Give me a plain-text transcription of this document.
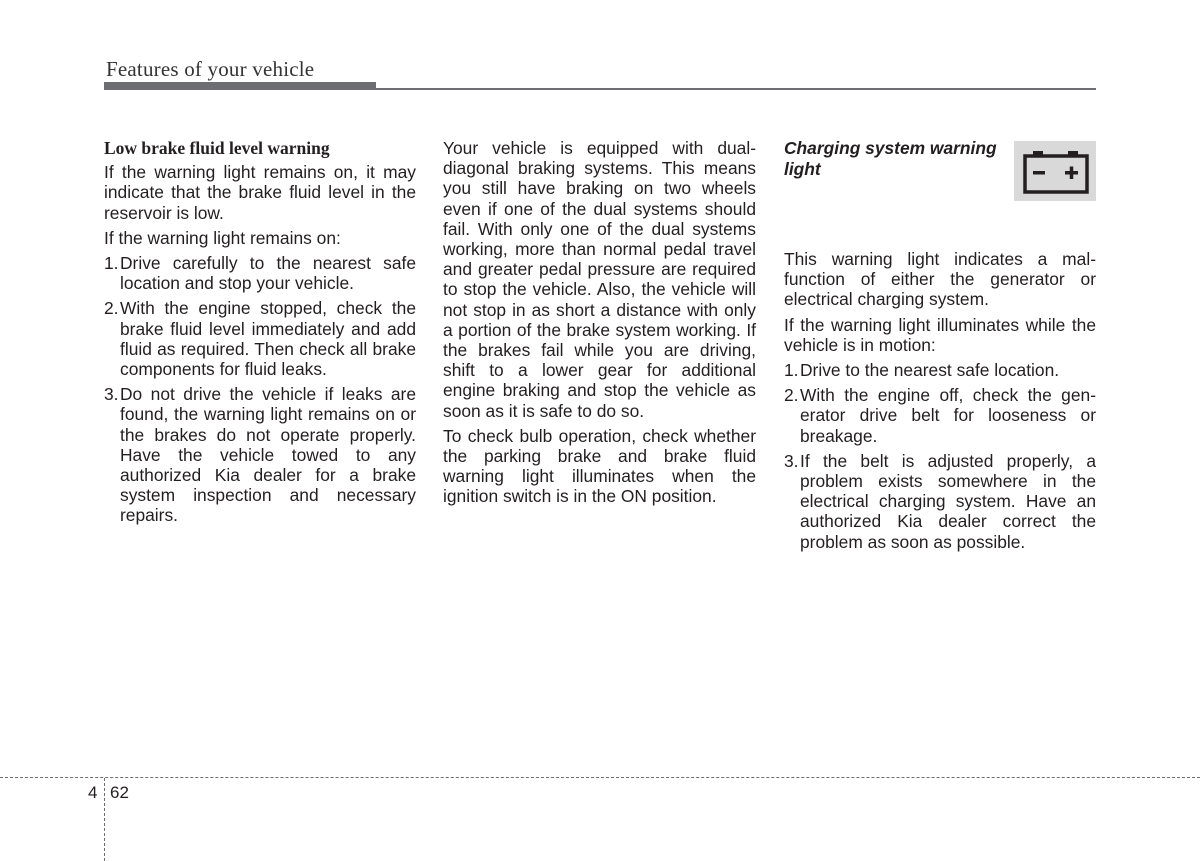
Features of your vehicle
Low brake fluid level warning

If the warning light remains on, it may indicate that the brake fluid level in the reservoir is low.

If the warning light remains on:

1. Drive carefully to the nearest safe location and stop your vehicle.
2. With the engine stopped, check the brake fluid level immediately and add fluid as required. Then check all brake components for fluid leaks.
3. Do not drive the vehicle if leaks are found, the warning light remains on or the brakes do not operate properly. Have the vehicle towed to any authorized Kia dealer for a brake system inspection and necessary repairs.

Your vehicle is equipped with dual-diagonal braking systems. This means you still have braking on two wheels even if one of the dual systems should fail. With only one of the dual systems working, more than normal pedal travel and greater pedal pressure are required to stop the vehicle. Also, the vehicle will not stop in as short a distance with only a portion of the brake system working. If the brakes fail while you are driving, shift to a lower gear for additional engine braking and stop the vehicle as soon as it is safe to do so.

To check bulb operation, check whether the parking brake and brake fluid warning light illuminates when the ignition switch is in the ON position.

Charging system warning light

This warning light indicates a malfunction of either the generator or electrical charging system.

If the warning light illuminates while the vehicle is in motion:

1. Drive to the nearest safe location.
2. With the engine off, check the generator drive belt for looseness or breakage.
3. If the belt is adjusted properly, a problem exists somewhere in the electrical charging system. Have an authorized Kia dealer correct the problem as soon as possible.
4 62
